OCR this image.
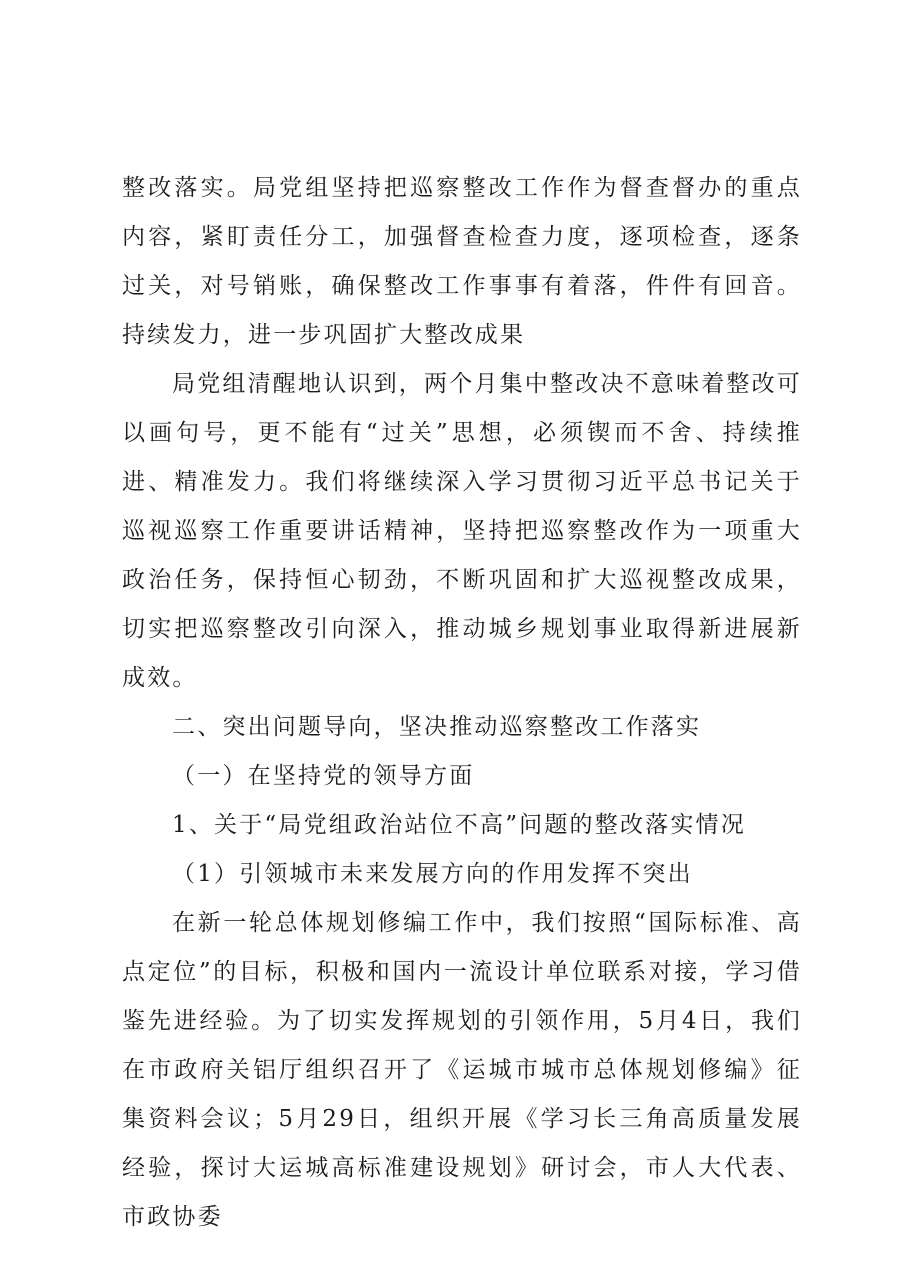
整改落实。局党组坚持把巡察整改工作作为督查督办的重点内容，紧盯责任分工，加强督查检查力度，逐项检查，逐条过关，对号销账，确保整改工作事事有着落，件件有回音。持续发力，进一步巩固扩大整改成果

局党组清醒地认识到，两个月集中整改决不意味着整改可以画句号，更不能有“过关”思想，必须锲而不舍、持续推进、精准发力。我们将继续深入学习贯彻习近平总书记关于巡视巡察工作重要讲话精神，坚持把巡察整改作为一项重大政治任务，保持恒心韧劲，不断巩固和扩大巡视整改成果，切实把巡察整改引向深入，推动城乡规划事业取得新进展新成效。

二、突出问题导向，坚决推动巡察整改工作落实

（一）在坚持党的领导方面

1、关于“局党组政治站位不高”问题的整改落实情况

（1）引领城市未来发展方向的作用发挥不突出

在新一轮总体规划修编工作中，我们按照“国际标准、高点定位”的目标，积极和国内一流设计单位联系对接，学习借鉴先进经验。为了切实发挥规划的引领作用，5月4日，我们在市政府关铝厅组织召开了《运城市城市总体规划修编》征集资料会议；5月29日，组织开展《学习长三角高质量发展经验，探讨大运城高标准建设规划》研讨会，市人大代表、市政协委
